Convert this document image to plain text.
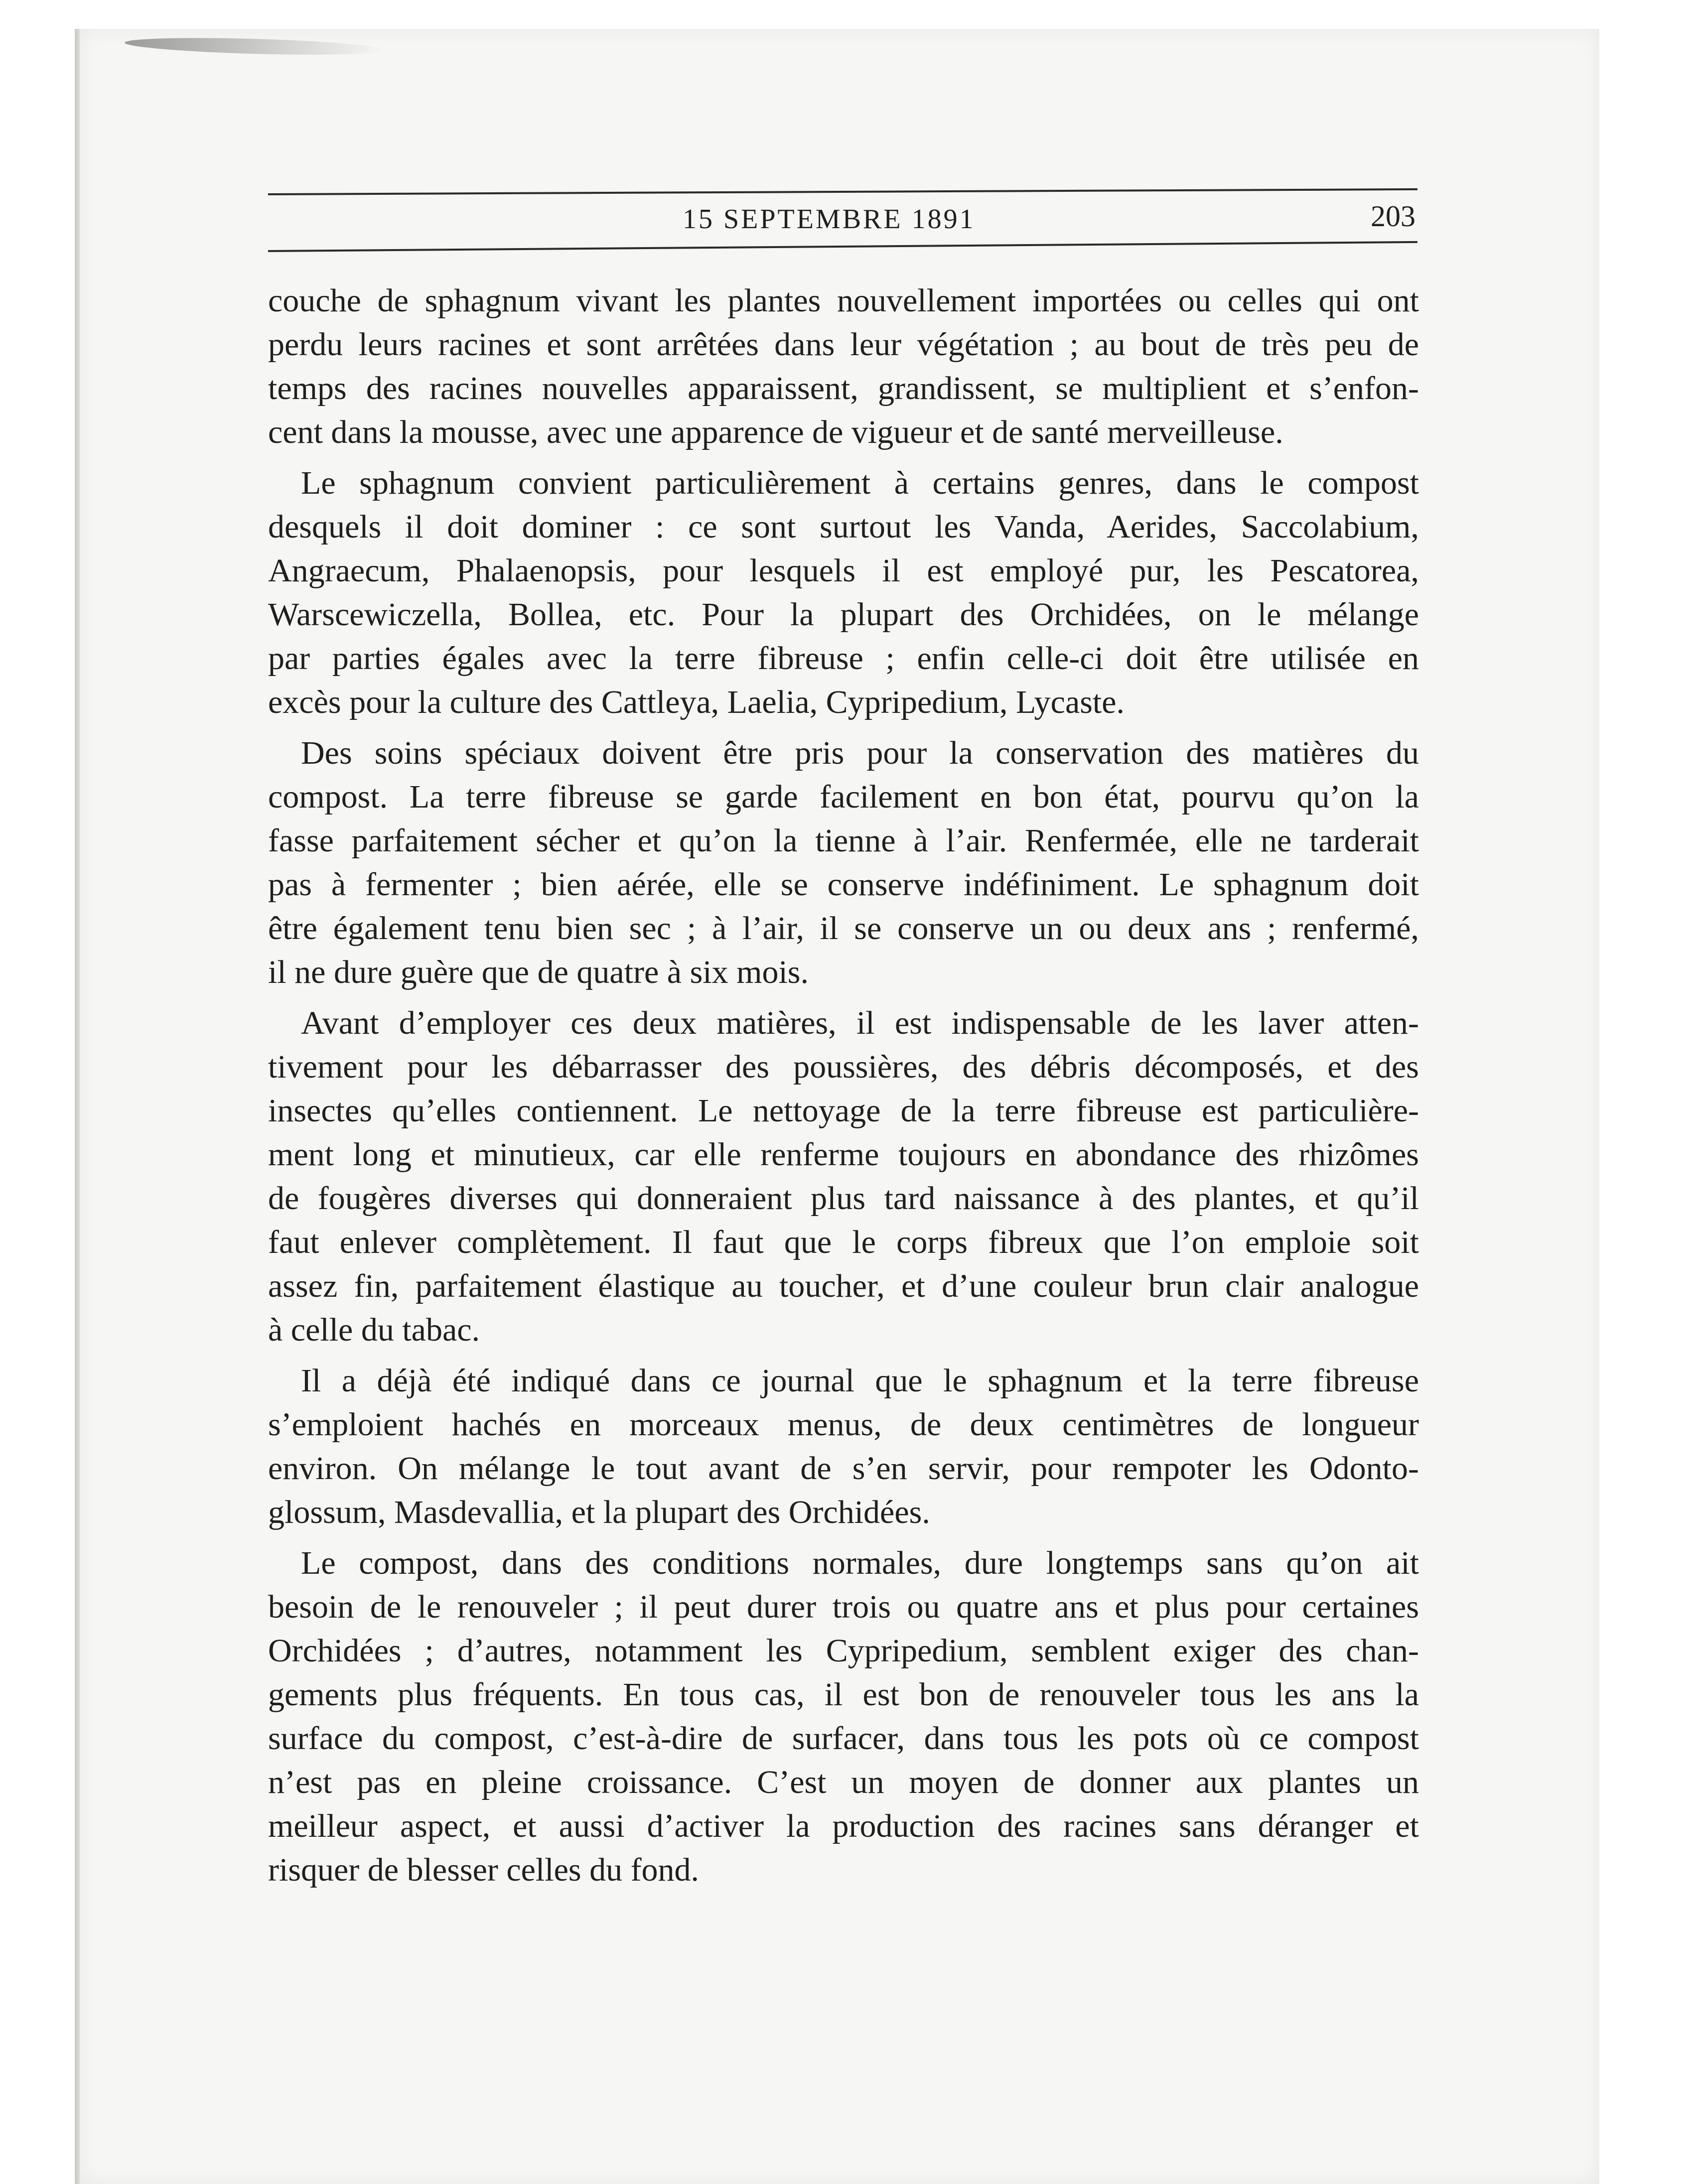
15 SEPTEMBRE 1891	203
couche de sphagnum vivant les plantes nouvellement importées ou celles qui ont
perdu leurs racines et sont arrêtées dans leur végétation ; au bout de très peu de
temps des racines nouvelles apparaissent, grandissent, se multiplient et s’enfon-
cent dans la mousse, avec une apparence de vigueur et de santé merveilleuse.
Le sphagnum convient particulièrement à certains genres, dans le compost
desquels il doit dominer : ce sont surtout les Vanda, Aerides, Saccolabium,
Angraecum, Phalaenopsis, pour lesquels il est employé pur, les Pescatorea,
Warscewiczella, Bollea, etc. Pour la plupart des Orchidées, on le mélange
par parties égales avec la terre fibreuse ; enfin celle-ci doit être utilisée en
excès pour la culture des Cattleya, Laelia, Cypripedium, Lycaste.
Des soins spéciaux doivent être pris pour la conservation des matières du
compost. La terre fibreuse se garde facilement en bon état, pourvu qu’on la
fasse parfaitement sécher et qu’on la tienne à l’air. Renfermée, elle ne tarderait
pas à fermenter ; bien aérée, elle se conserve indéfiniment. Le sphagnum doit
être également tenu bien sec ; à l’air, il se conserve un ou deux ans ; renfermé,
il ne dure guère que de quatre à six mois.
Avant d’employer ces deux matières, il est indispensable de les laver atten-
tivement pour les débarrasser des poussières, des débris décomposés, et des
insectes qu’elles contiennent. Le nettoyage de la terre fibreuse est particulière-
ment long et minutieux, car elle renferme toujours en abondance des rhizômes
de fougères diverses qui donneraient plus tard naissance à des plantes, et qu’il
faut enlever complètement. Il faut que le corps fibreux que l’on emploie soit
assez fin, parfaitement élastique au toucher, et d’une couleur brun clair analogue
à celle du tabac.
Il a déjà été indiqué dans ce journal que le sphagnum et la terre fibreuse
s’emploient hachés en morceaux menus, de deux centimètres de longueur
environ. On mélange le tout avant de s’en servir, pour rempoter les Odonto-
glossum, Masdevallia, et la plupart des Orchidées.
Le compost, dans des conditions normales, dure longtemps sans qu’on ait
besoin de le renouveler ; il peut durer trois ou quatre ans et plus pour certaines
Orchidées ; d’autres, notamment les Cypripedium, semblent exiger des chan-
gements plus fréquents. En tous cas, il est bon de renouveler tous les ans la
surface du compost, c’est-à-dire de surfacer, dans tous les pots où ce compost
n’est pas en pleine croissance. C’est un moyen de donner aux plantes un
meilleur aspect, et aussi d’activer la production des racines sans déranger et
risquer de blesser celles du fond.
